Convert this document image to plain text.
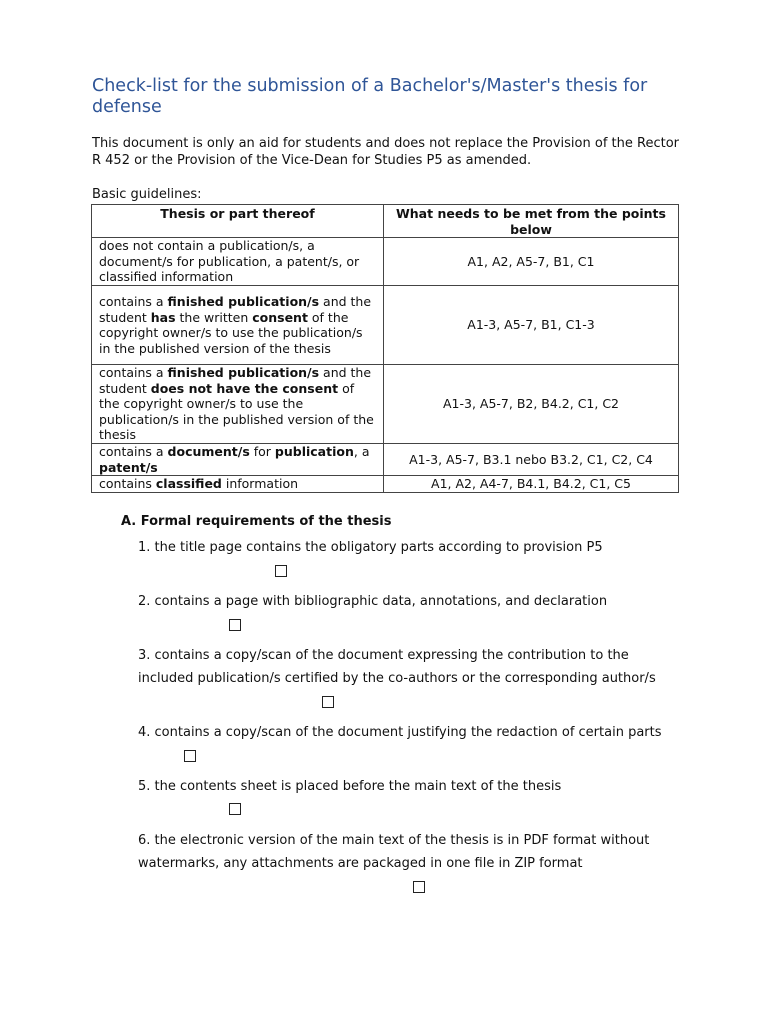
Check-list for the submission of a Bachelor's/Master's thesis for defense
This document is only an aid for students and does not replace the Provision of the Rector R 452 or the Provision of the Vice-Dean for Studies P5 as amended.
Basic guidelines:
Thesis or part thereof	What needs to be met from the points below
does not contain a publication/s, a document/s for publication, a patent/s, or classified information	A1, A2, A5-7, B1, C1
contains a finished publication/s and the student has the written consent of the copyright owner/s to use the publication/s in the published version of the thesis	A1-3, A5-7, B1, C1-3
contains a finished publication/s and the student does not have the consent of the copyright owner/s to use the publication/s in the published version of the thesis	A1-3, A5-7, B2, B4.2, C1, C2
contains a document/s for publication, a patent/s	A1-3, A5-7, B3.1 nebo B3.2, C1, C2, C4
contains classified information	A1, A2, A4-7, B4.1, B4.2, C1, C5
A. Formal requirements of the thesis
1. the title page contains the obligatory parts according to provision P5
2. contains a page with bibliographic data, annotations, and declaration
3. contains a copy/scan of the document expressing the contribution to the included publication/s certified by the co-authors or the corresponding author/s
4. contains a copy/scan of the document justifying the redaction of certain parts
5. the contents sheet is placed before the main text of the thesis
6. the electronic version of the main text of the thesis is in PDF format without watermarks, any attachments are packaged in one file in ZIP format
